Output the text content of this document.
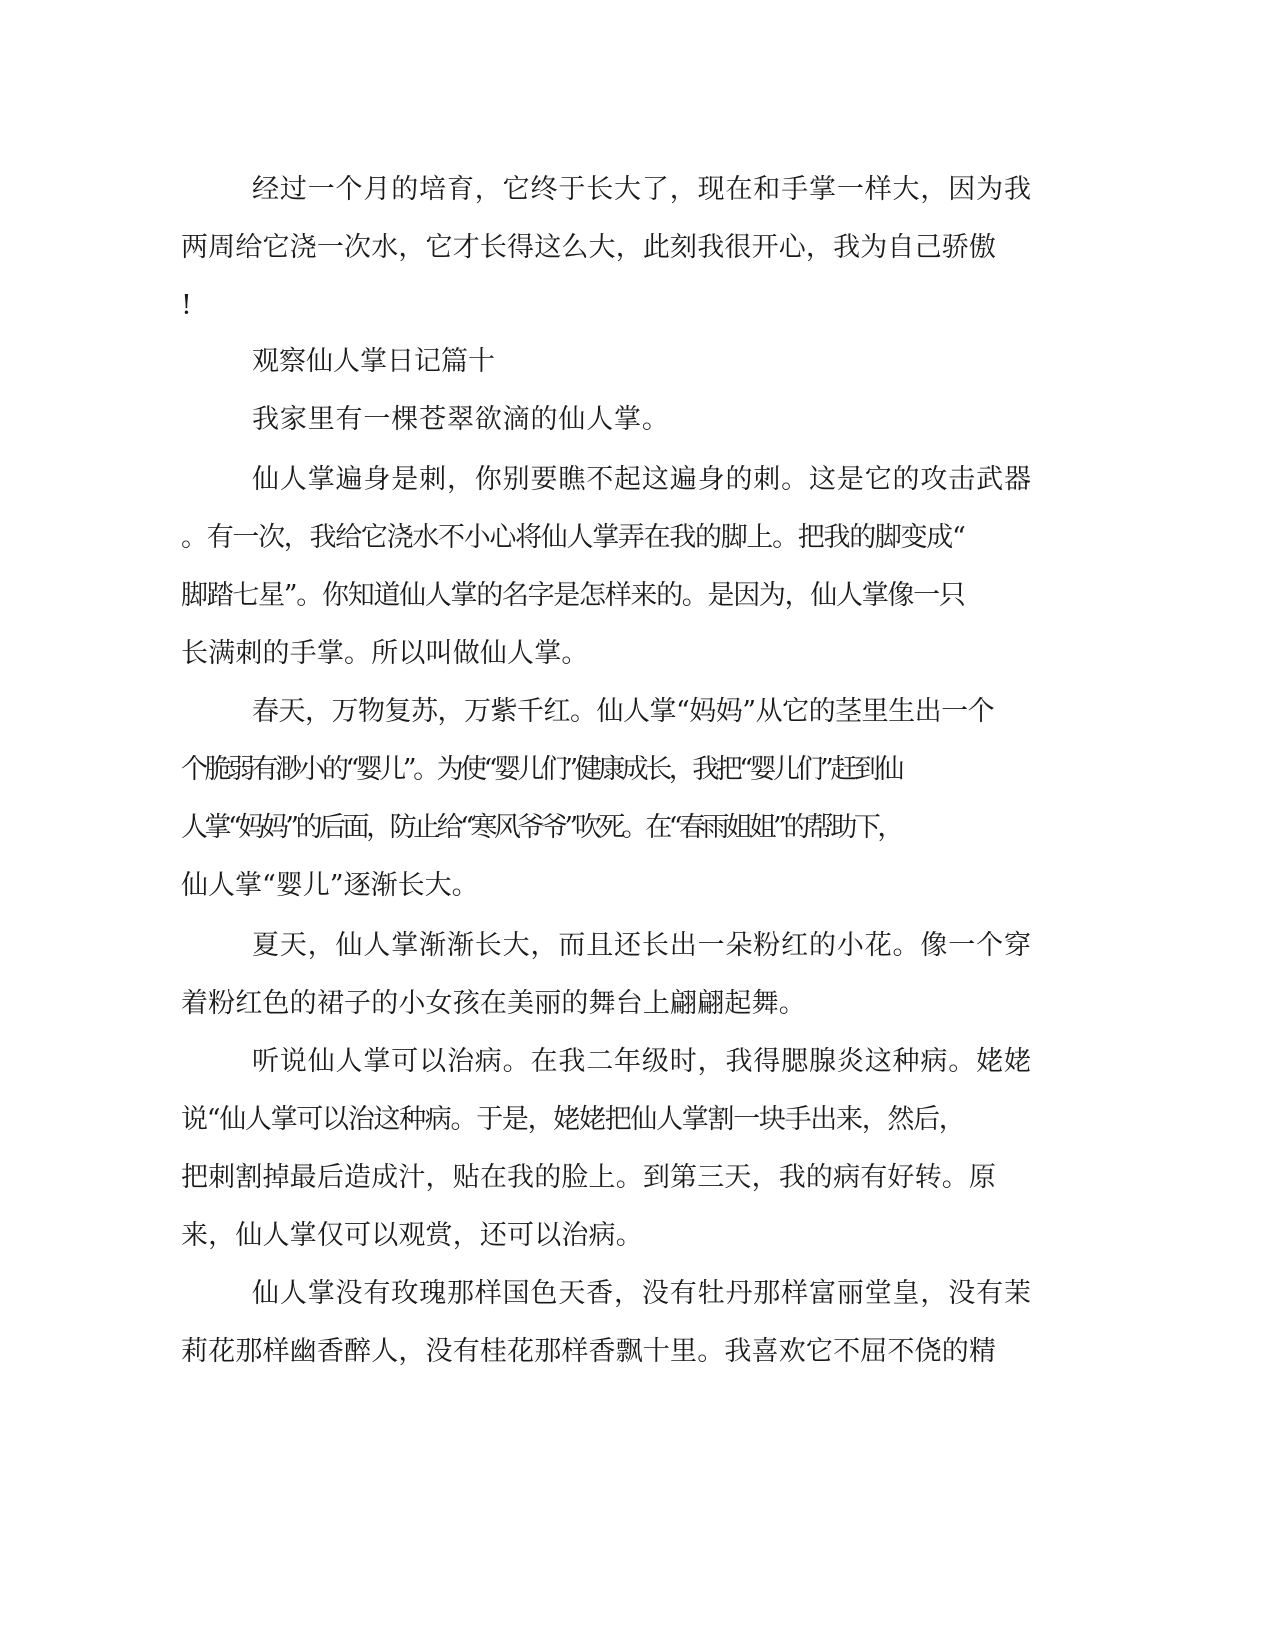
经过一个月的培育，它终于长大了，现在和手掌一样大，因为我
两周给它浇一次水，它才长得这么大，此刻我很开心，我为自己骄傲
!
观察仙人掌日记篇十
我家里有一棵苍翠欲滴的仙人掌。
仙人掌遍身是刺，你别要瞧不起这遍身的刺。这是它的攻击武器
。有一次，我给它浇水不小心将仙人掌弄在我的脚上。把我的脚变成“
脚踏七星”。你知道仙人掌的名字是怎样来的。是因为，仙人掌像一只
长满刺的手掌。所以叫做仙人掌。
春天，万物复苏，万紫千红。仙人掌“妈妈”从它的茎里生出一个
个脆弱有渺小的“婴儿”。为使“婴儿们”健康成长，我把“婴儿们”赶到仙
人掌“妈妈”的后面，防止给“寒风爷爷”吹死。在“春雨姐姐”的帮助下，
仙人掌“婴儿”逐渐长大。
夏天，仙人掌渐渐长大，而且还长出一朵粉红的小花。像一个穿
着粉红色的裙子的小女孩在美丽的舞台上翩翩起舞。
听说仙人掌可以治病。在我二年级时，我得腮腺炎这种病。姥姥
说“仙人掌可以治这种病。于是，姥姥把仙人掌割一块手出来，然后，
把刺割掉最后造成汁，贴在我的脸上。到第三天，我的病有好转。原
来，仙人掌仅可以观赏，还可以治病。
仙人掌没有玫瑰那样国色天香，没有牡丹那样富丽堂皇，没有茉
莉花那样幽香醉人，没有桂花那样香飘十里。我喜欢它不屈不侥的精
